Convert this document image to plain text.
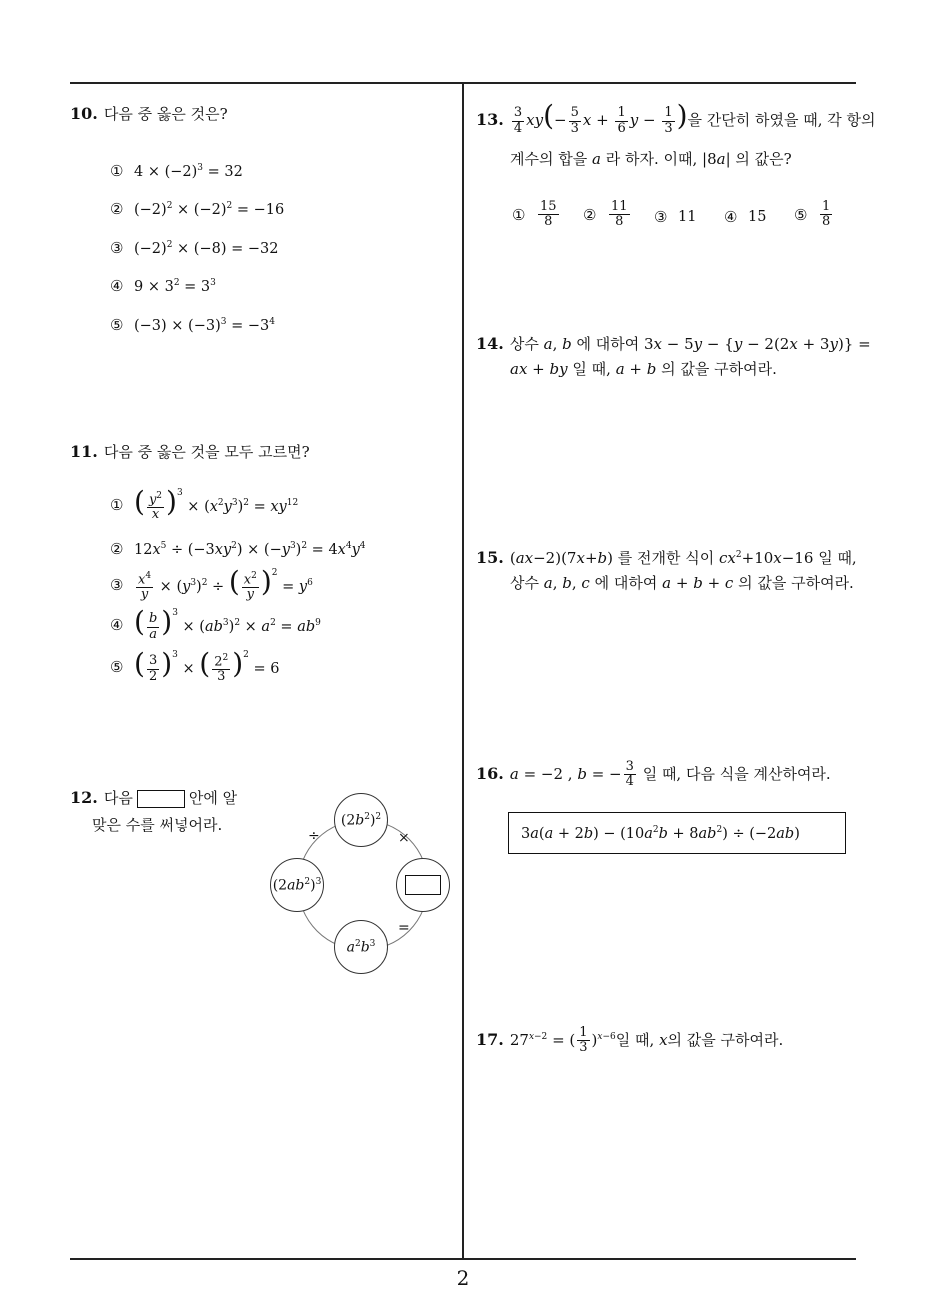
2
10. 다음 중 옳은 것은?
① $4 \times (-2)^3 = 32$
② $(-2)^2 \times (-2)^2 = -16$
③ $(-2)^2 \times (-8) = -32$
④ $9 \times 3^2 = 3^3$
⑤ $(-3) \times (-3)^3 = -3^4$
11. 다음 중 옳은 것을 모두 고르면?
① ( $\frac{y^2}{x} )^3 \times (x^2y^3)^2 = xy^{12}$
② $12x^5 \div (-3xy^2) \times (-y^3)^2 = 4x^4y^4$
③ $\frac{x^4}{y} \times (y^3)^2$ ÷ ( $\frac{x^2}{y} )^2 = y^6$
④ ( $\frac{b}{a} )^3 \times (ab^3)^2 \times a^2 = ab^9$
⑤ ( $\frac{3}{2} )^3$ × ( $\frac{2^2}{3} )^2 = 6$
12. 다음	안에 알
맞은 수를 써넣어라.	$(2b^2)^2$
$(2ab^2)^3$
$a^2b^3$
÷	×
=
13. $\frac{3}{4} xy(- \frac{5}{3}$ $x + \frac{1}{6}$ $y - \frac{1}{3}$ )을 간단히 하였을 때, 각 항의
계수의 합을 a 라 하자. 이때, |8a| 의 값은?
① $\frac{15}{8}$ ② $\frac{11}{8}$ ③ 11 ④ 15 ⑤ $\frac{1}{8}$
14. 상수 a, b 에 대하여 3x − 5y − {y − 2(2x + 3y)} =
ax + by 일 때, a + b 의 값을 구하여라.
15. (ax−2)(7x+b) 를 전개한 식이 $cx^2+10x-16$ 일 때,
상수 a, b, c 에 대하여 a + b + c 의 값을 구하여라.
16. a = −2 , b = − $\frac{3}{4}$ 일 때, 다음 식을 계산하여라.
$3a(a + 2b) - (10a^2b + 8ab^2) \div (-2ab)$
17. $27^{x-2}$ = ( $\frac{1}{3} )^{x-6}$일 때, x의 값을 구하여라.
